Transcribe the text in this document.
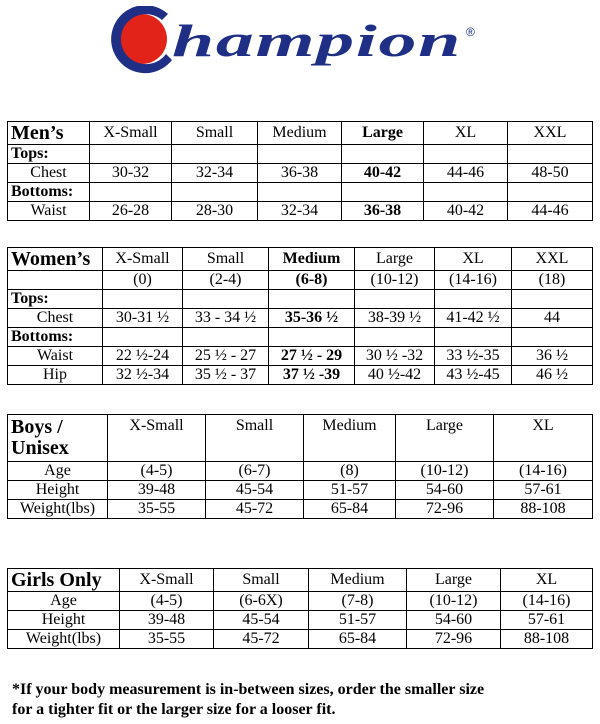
hampion ®
Men’s	X-Small	Small	Medium	Large	XL	XXL
Tops:						
Chest	30-32	32-34	36-38	40-42	44-46	48-50
Bottoms:						
Waist	26-28	28-30	32-34	36-38	40-42	44-46
Women’s	X-Small	Small	Medium	Large	XL	XXL
	(0)	(2-4)	(6-8)	(10-12)	(14-16)	(18)
Tops:						
Chest	30-31 ½	33 - 34 ½	35-36 ½	38-39 ½	41-42 ½	44
Bottoms:						
Waist	22 ½-24	25 ½ - 27	27 ½ - 29	30 ½ -32	33 ½-35	36 ½
Hip	32 ½-34	35 ½ - 37	37 ½ -39	40 ½-42	43 ½-45	46 ½
Boys /
Unisex	X-Small	Small	Medium	Large	XL
Age	(4-5)	(6-7)	(8)	(10-12)	(14-16)
Height	39-48	45-54	51-57	54-60	57-61
Weight(lbs)	35-55	45-72	65-84	72-96	88-108
Girls Only	X-Small	Small	Medium	Large	XL
Age	(4-5)	(6-6X)	(7-8)	(10-12)	(14-16)
Height	39-48	45-54	51-57	54-60	57-61
Weight(lbs)	35-55	45-72	65-84	72-96	88-108
*If your body measurement is in-between sizes, order the smaller size
for a tighter fit or the larger size for a looser fit.
